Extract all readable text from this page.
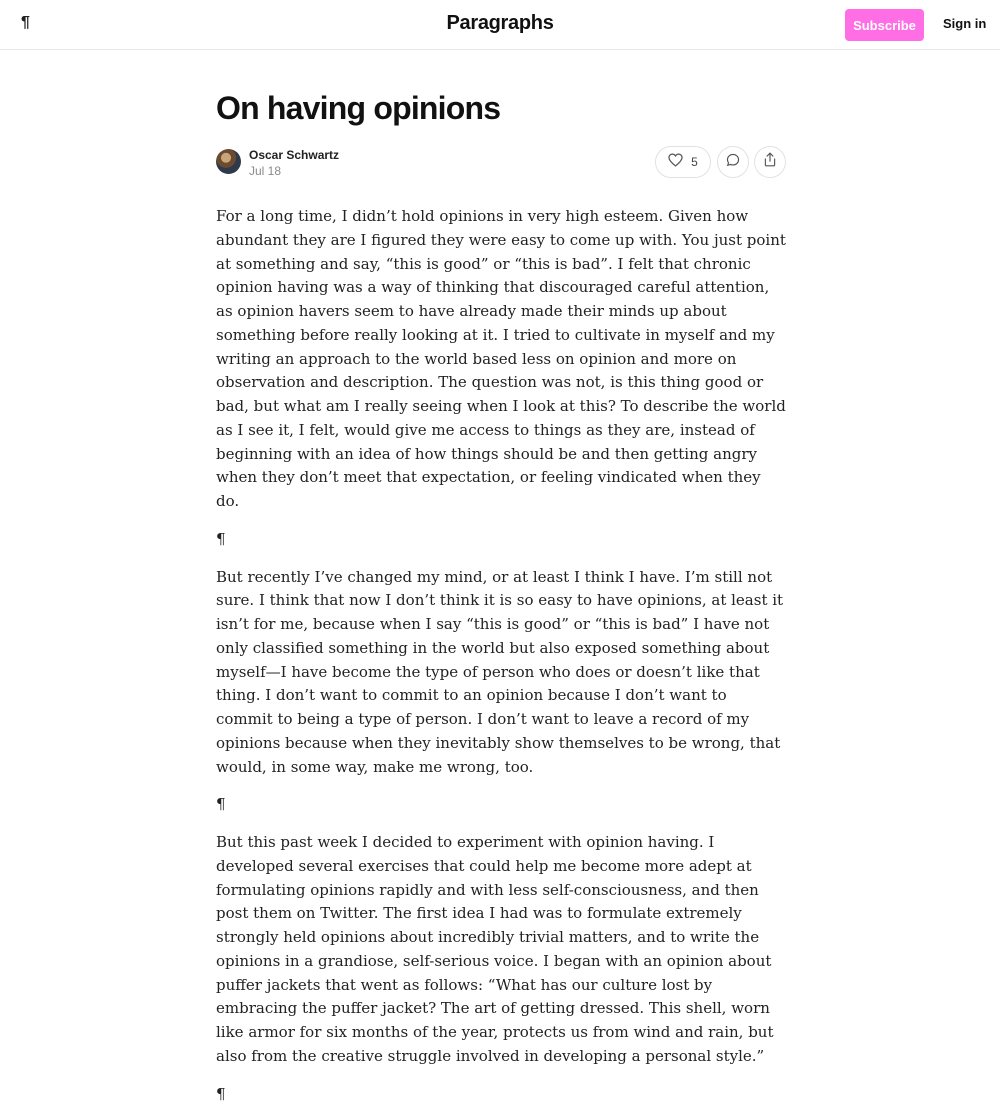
¶	Paragraphs	Subscribe	Sign in
On having opinions
Oscar Schwartz
Jul 18
5

For a long time, I didn’t hold opinions in very high esteem. Given how abundant they are I figured they were easy to come up with. You just point at something and say, “this is good” or “this is bad”. I felt that chronic opinion having was a way of thinking that discouraged careful attention, as opinion havers seem to have already made their minds up about something before really looking at it. I tried to cultivate in myself and my writing an approach to the world based less on opinion and more on observation and description. The question was not, is this thing good or bad, but what am I really seeing when I look at this? To describe the world as I see it, I felt, would give me access to things as they are, instead of beginning with an idea of how things should be and then getting angry when they don’t meet that expectation, or feeling vindicated when they do.

¶

But recently I’ve changed my mind, or at least I think I have. I’m still not sure. I think that now I don’t think it is so easy to have opinions, at least it isn’t for me, because when I say “this is good” or “this is bad” I have not only classified something in the world but also exposed something about myself—I have become the type of person who does or doesn’t like that thing. I don’t want to commit to an opinion because I don’t want to commit to being a type of person. I don’t want to leave a record of my opinions because when they inevitably show themselves to be wrong, that would, in some way, make me wrong, too.

¶

But this past week I decided to experiment with opinion having. I developed several exercises that could help me become more adept at formulating opinions rapidly and with less self-consciousness, and then post them on Twitter. The first idea I had was to formulate extremely strongly held opinions about incredibly trivial matters, and to write the opinions in a grandiose, self-serious voice. I began with an opinion about puffer jackets that went as follows: “What has our culture lost by embracing the puffer jacket? The art of getting dressed. This shell, worn like armor for six months of the year, protects us from wind and rain, but also from the creative struggle involved in developing a personal style.”

¶
